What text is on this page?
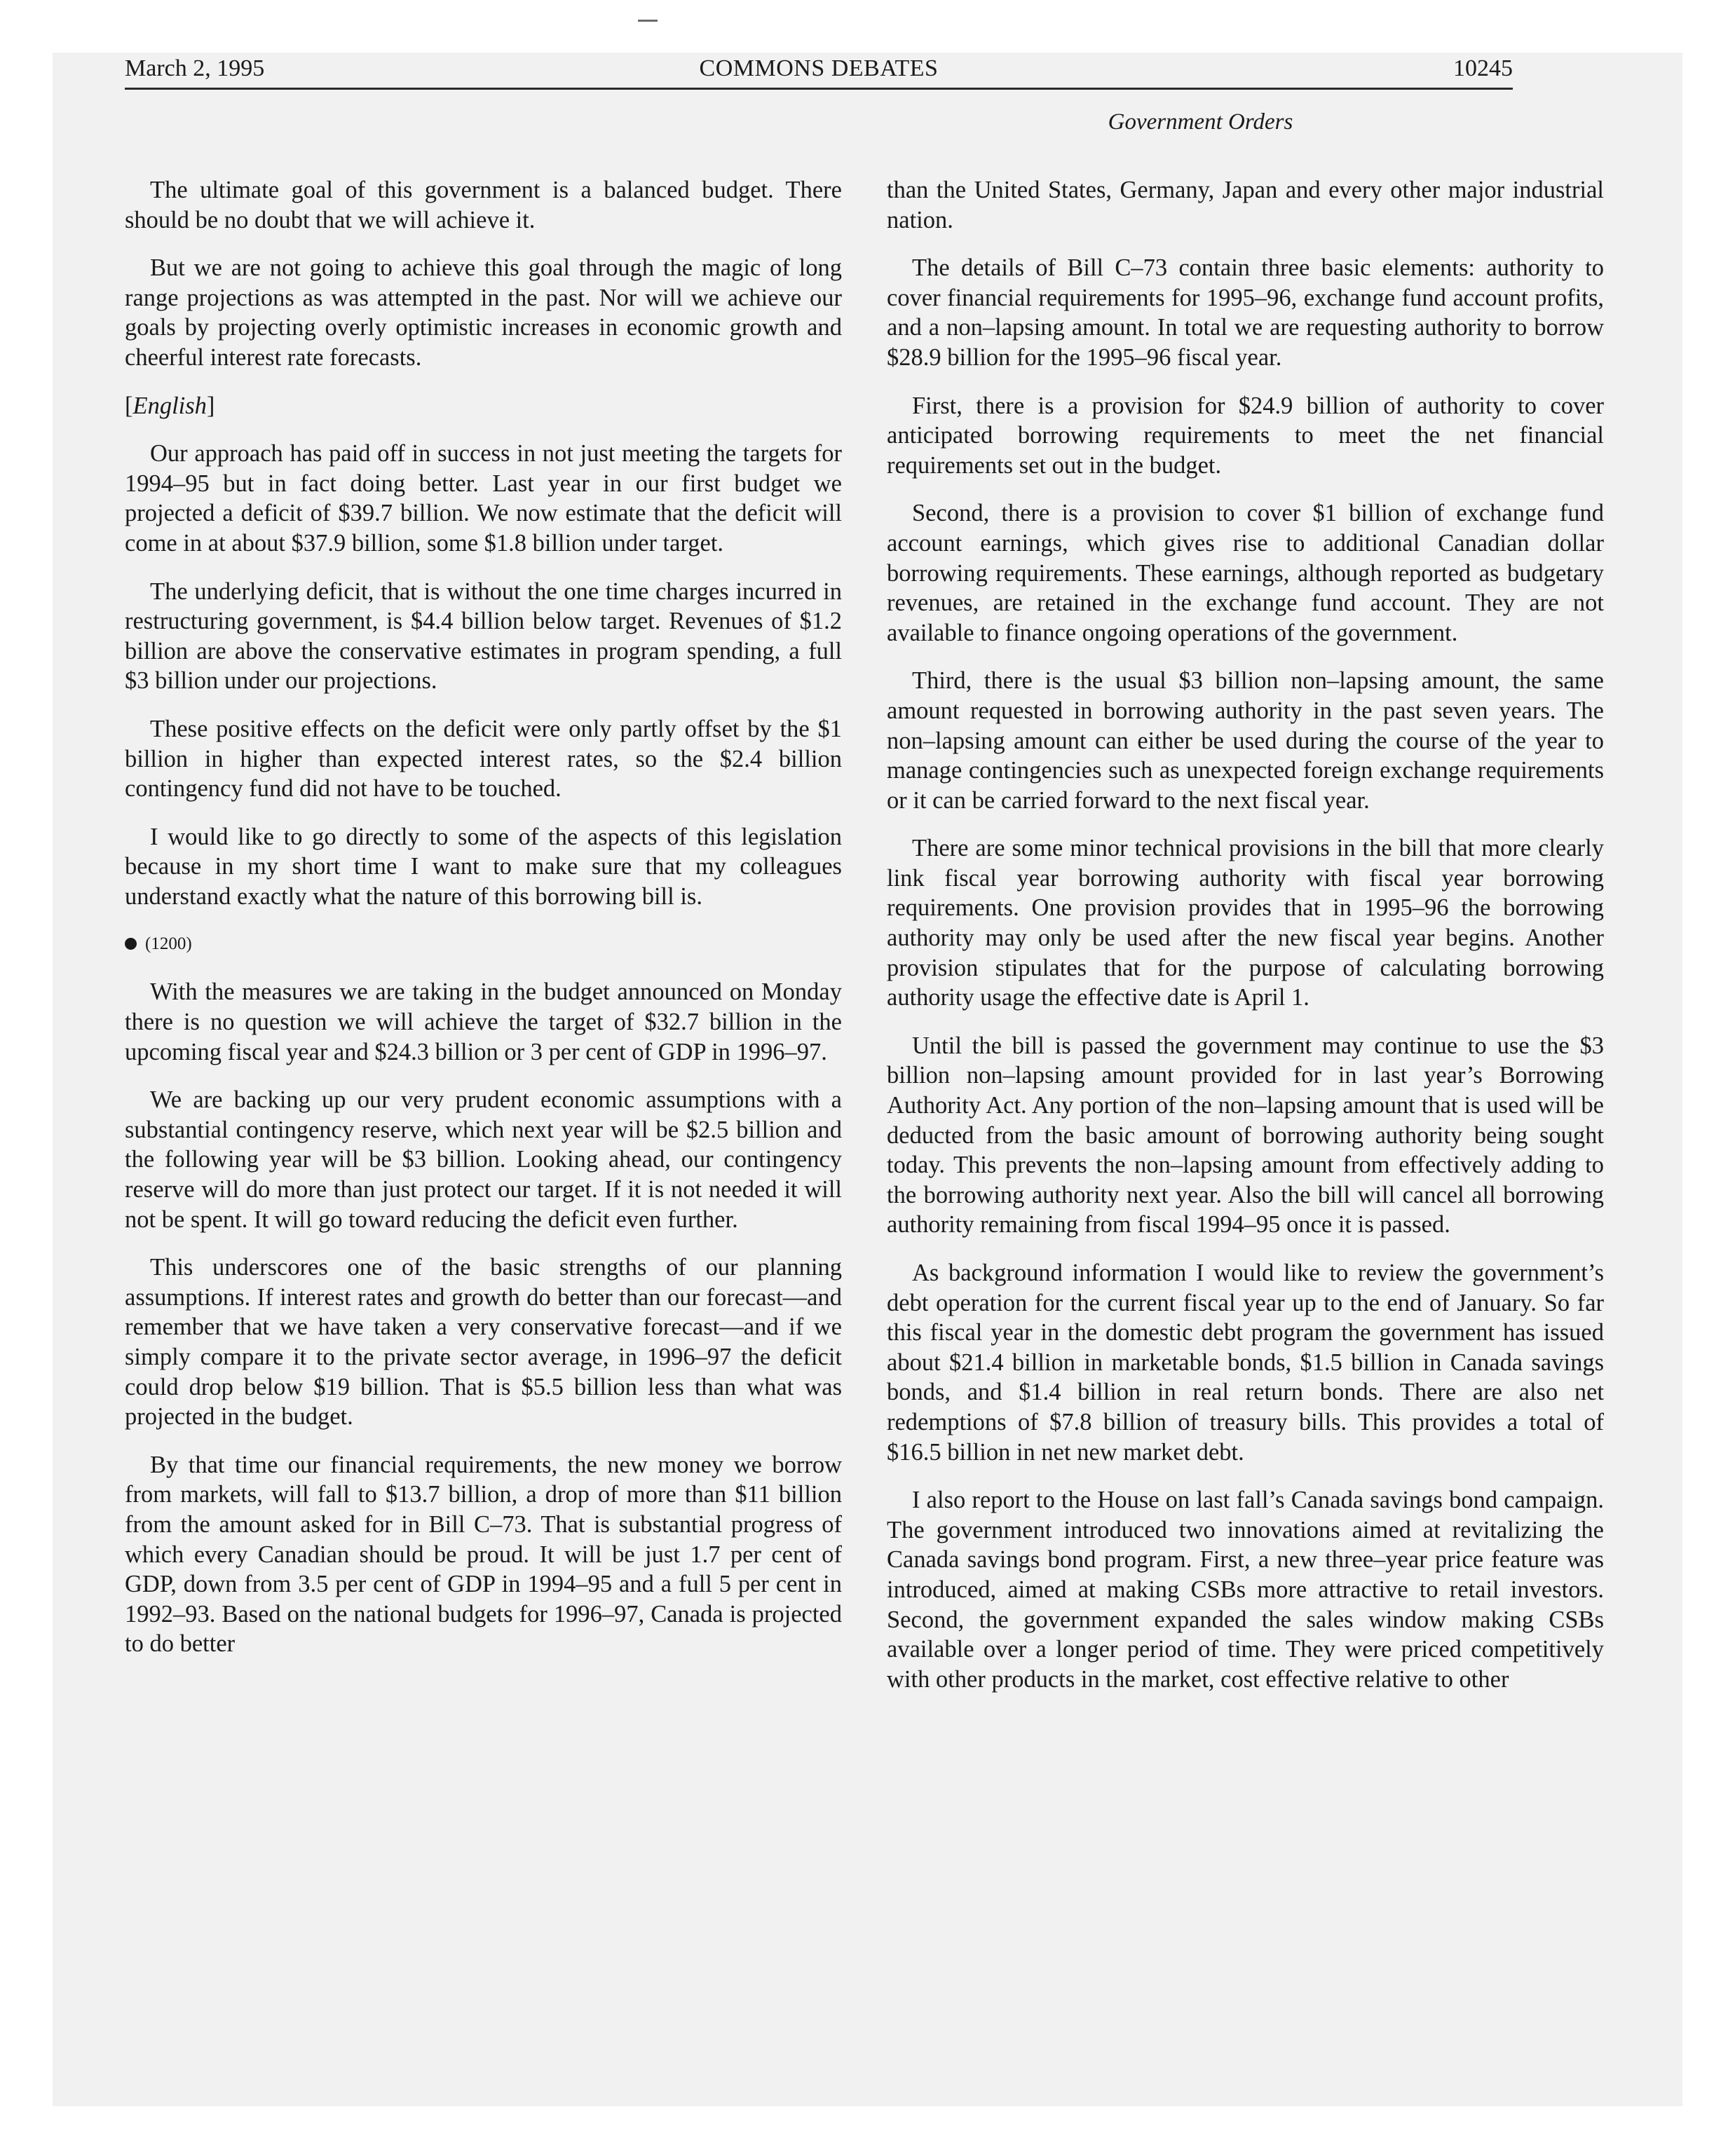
March 2, 1995	COMMONS DEBATES	10245
Government Orders

The ultimate goal of this government is a balanced budget. There should be no doubt that we will achieve it.

But we are not going to achieve this goal through the magic of long range projections as was attempted in the past. Nor will we achieve our goals by projecting overly optimistic increases in economic growth and cheerful interest rate forecasts.

[English]

Our approach has paid off in success in not just meeting the targets for 1994–95 but in fact doing better. Last year in our first budget we projected a deficit of $39.7 billion. We now estimate that the deficit will come in at about $37.9 billion, some $1.8 billion under target.

The underlying deficit, that is without the one time charges incurred in restructuring government, is $4.4 billion below target. Revenues of $1.2 billion are above the conservative estimates in program spending, a full $3 billion under our projections.

These positive effects on the deficit were only partly offset by the $1 billion in higher than expected interest rates, so the $2.4 billion contingency fund did not have to be touched.

I would like to go directly to some of the aspects of this legislation because in my short time I want to make sure that my colleagues understand exactly what the nature of this borrowing bill is.

(1200)

With the measures we are taking in the budget announced on Monday there is no question we will achieve the target of $32.7 billion in the upcoming fiscal year and $24.3 billion or 3 per cent of GDP in 1996–97.

We are backing up our very prudent economic assumptions with a substantial contingency reserve, which next year will be $2.5 billion and the following year will be $3 billion. Looking ahead, our contingency reserve will do more than just protect our target. If it is not needed it will not be spent. It will go toward reducing the deficit even further.

This underscores one of the basic strengths of our planning assumptions. If interest rates and growth do better than our forecast—and remember that we have taken a very conservative forecast—and if we simply compare it to the private sector average, in 1996–97 the deficit could drop below $19 billion. That is $5.5 billion less than what was projected in the budget.

By that time our financial requirements, the new money we borrow from markets, will fall to $13.7 billion, a drop of more than $11 billion from the amount asked for in Bill C–73. That is substantial progress of which every Canadian should be proud. It will be just 1.7 per cent of GDP, down from 3.5 per cent of GDP in 1994–95 and a full 5 per cent in 1992–93. Based on the national budgets for 1996–97, Canada is projected to do better

than the United States, Germany, Japan and every other major industrial nation.

The details of Bill C–73 contain three basic elements: authority to cover financial requirements for 1995–96, exchange fund account profits, and a non–lapsing amount. In total we are requesting authority to borrow $28.9 billion for the 1995–96 fiscal year.

First, there is a provision for $24.9 billion of authority to cover anticipated borrowing requirements to meet the net financial requirements set out in the budget.

Second, there is a provision to cover $1 billion of exchange fund account earnings, which gives rise to additional Canadian dollar borrowing requirements. These earnings, although reported as budgetary revenues, are retained in the exchange fund account. They are not available to finance ongoing operations of the government.

Third, there is the usual $3 billion non–lapsing amount, the same amount requested in borrowing authority in the past seven years. The non–lapsing amount can either be used during the course of the year to manage contingencies such as unexpected foreign exchange requirements or it can be carried forward to the next fiscal year.

There are some minor technical provisions in the bill that more clearly link fiscal year borrowing authority with fiscal year borrowing requirements. One provision provides that in 1995–96 the borrowing authority may only be used after the new fiscal year begins. Another provision stipulates that for the purpose of calculating borrowing authority usage the effective date is April 1.

Until the bill is passed the government may continue to use the $3 billion non–lapsing amount provided for in last year’s Borrowing Authority Act. Any portion of the non–lapsing amount that is used will be deducted from the basic amount of borrowing authority being sought today. This prevents the non–lapsing amount from effectively adding to the borrowing authority next year. Also the bill will cancel all borrowing authority remaining from fiscal 1994–95 once it is passed.

As background information I would like to review the government’s debt operation for the current fiscal year up to the end of January. So far this fiscal year in the domestic debt program the government has issued about $21.4 billion in marketable bonds, $1.5 billion in Canada savings bonds, and $1.4 billion in real return bonds. There are also net redemptions of $7.8 billion of treasury bills. This provides a total of $16.5 billion in net new market debt.

I also report to the House on last fall’s Canada savings bond campaign. The government introduced two innovations aimed at revitalizing the Canada savings bond program. First, a new three–year price feature was introduced, aimed at making CSBs more attractive to retail investors. Second, the government expanded the sales window making CSBs available over a longer period of time. They were priced competitively with other products in the market, cost effective relative to other
